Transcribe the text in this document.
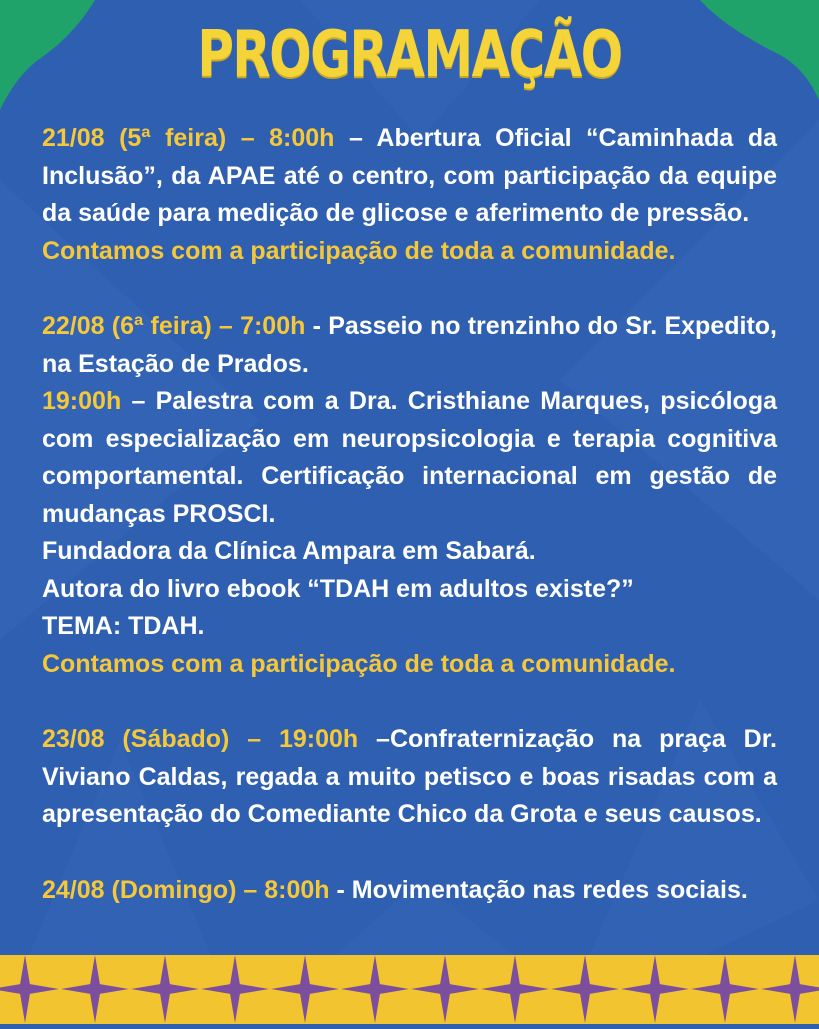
PROGRAMAÇÃO

21/08 (5ª feira) – 8:00h – Abertura Oficial “Caminhada da Inclusão”, da APAE até o centro, com participação da equipe da saúde para medição de glicose e aferimento de pressão.

Contamos com a participação de toda a comunidade.

22/08 (6ª feira) – 7:00h - Passeio no trenzinho do Sr. Expedito, na Estação de Prados.

19:00h – Palestra com a Dra. Cristhiane Marques, psicóloga com especialização em neuropsicologia e terapia cognitiva comportamental. Certificação internacional em gestão de mudanças PROSCI.

Fundadora da Clínica Ampara em Sabará.

Autora do livro ebook “TDAH em adultos existe?”

TEMA: TDAH.

Contamos com a participação de toda a comunidade.

23/08 (Sábado) – 19:00h –Confraternização na praça Dr. Viviano Caldas, regada a muito petisco e boas risadas com a apresentação do Comediante Chico da Grota e seus causos.

24/08 (Domingo) – 8:00h - Movimentação nas redes sociais.
